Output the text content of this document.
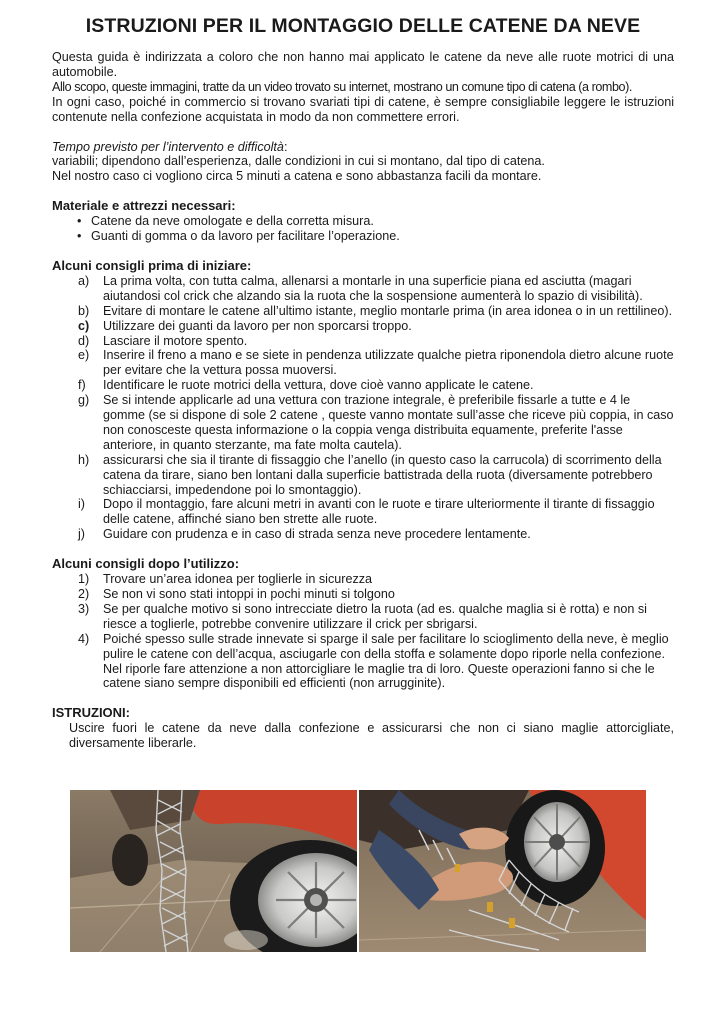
ISTRUZIONI PER IL MONTAGGIO DELLE CATENE DA NEVE

Questa guida è indirizzata a coloro che non hanno mai applicato le catene da neve alle ruote motrici di una automobile.

Allo scopo, queste immagini, tratte da un video trovato su internet, mostrano un comune tipo di catena (a rombo).

In ogni caso, poiché in commercio si trovano svariati tipi di catene, è sempre consigliabile leggere le istruzioni contenute nella confezione acquistata in modo da non commettere errori.

Tempo previsto per l’intervento e difficoltà:

variabili; dipendono dall’esperienza, dalle condizioni in cui si montano, dal tipo di catena.

Nel nostro caso ci vogliono circa 5 minuti a catena e sono abbastanza facili da montare.

Materiale e attrezzi necessari:

• Catene da neve omologate e della corretta misura.
• Guanti di gomma o da lavoro per facilitare l’operazione.

Alcuni consigli prima di iniziare:

a) La prima volta, con tutta calma, allenarsi a montarle in una superficie piana ed asciutta (magari aiutandosi col crick che alzando sia la ruota che la sospensione aumenterà lo spazio di visibilità).
b) Evitare di montare le catene all’ultimo istante, meglio montarle prima (in area idonea o in un rettilineo).
c) Utilizzare dei guanti da lavoro per non sporcarsi troppo.
d) Lasciare il motore spento.
e) Inserire il freno a mano e se siete in pendenza utilizzate qualche pietra riponendola dietro alcune ruote per evitare che la vettura possa muoversi.
f) Identificare le ruote motrici della vettura, dove cioè vanno applicate le catene.
g) Se si intende applicarle ad una vettura con trazione integrale, è preferibile fissarle a tutte e 4 le gomme (se si dispone di sole 2 catene , queste vanno montate sull’asse che riceve più coppia, in caso non conosceste questa informazione o la coppia venga distribuita equamente, preferite l'asse anteriore, in quanto sterzante, ma fate molta cautela).
h) assicurarsi che sia il tirante di fissaggio che l’anello (in questo caso la carrucola) di scorrimento della catena da tirare, siano ben lontani dalla superficie battistrada della ruota (diversamente potrebbero schiacciarsi, impedendone poi lo smontaggio).
i) Dopo il montaggio, fare alcuni metri in avanti con le ruote e tirare ulteriormente il tirante di fissaggio delle catene, affinché siano ben strette alle ruote.
j) Guidare con prudenza e in caso di strada senza neve procedere lentamente.

Alcuni consigli dopo l’utilizzo:

1) Trovare un’area idonea per toglierle in sicurezza
2) Se non vi sono stati intoppi in pochi minuti si tolgono
3) Se per qualche motivo si sono intrecciate dietro la ruota (ad es. qualche maglia si è rotta) e non si riesce a toglierle, potrebbe convenire utilizzare il crick per sbrigarsi.
4) Poiché spesso sulle strade innevate si sparge il sale per facilitare lo scioglimento della neve, è meglio pulire le catene con dell’acqua, asciugarle con della stoffa e solamente dopo riporle nella confezione. Nel riporle fare attenzione a non attorcigliare le maglie tra di loro. Queste operazioni fanno si che le catene siano sempre disponibili ed efficienti (non arrugginite).

ISTRUZIONI:

Uscire fuori le catene da neve dalla confezione e assicurarsi che non ci siano maglie attorcigliate, diversamente liberarle.
